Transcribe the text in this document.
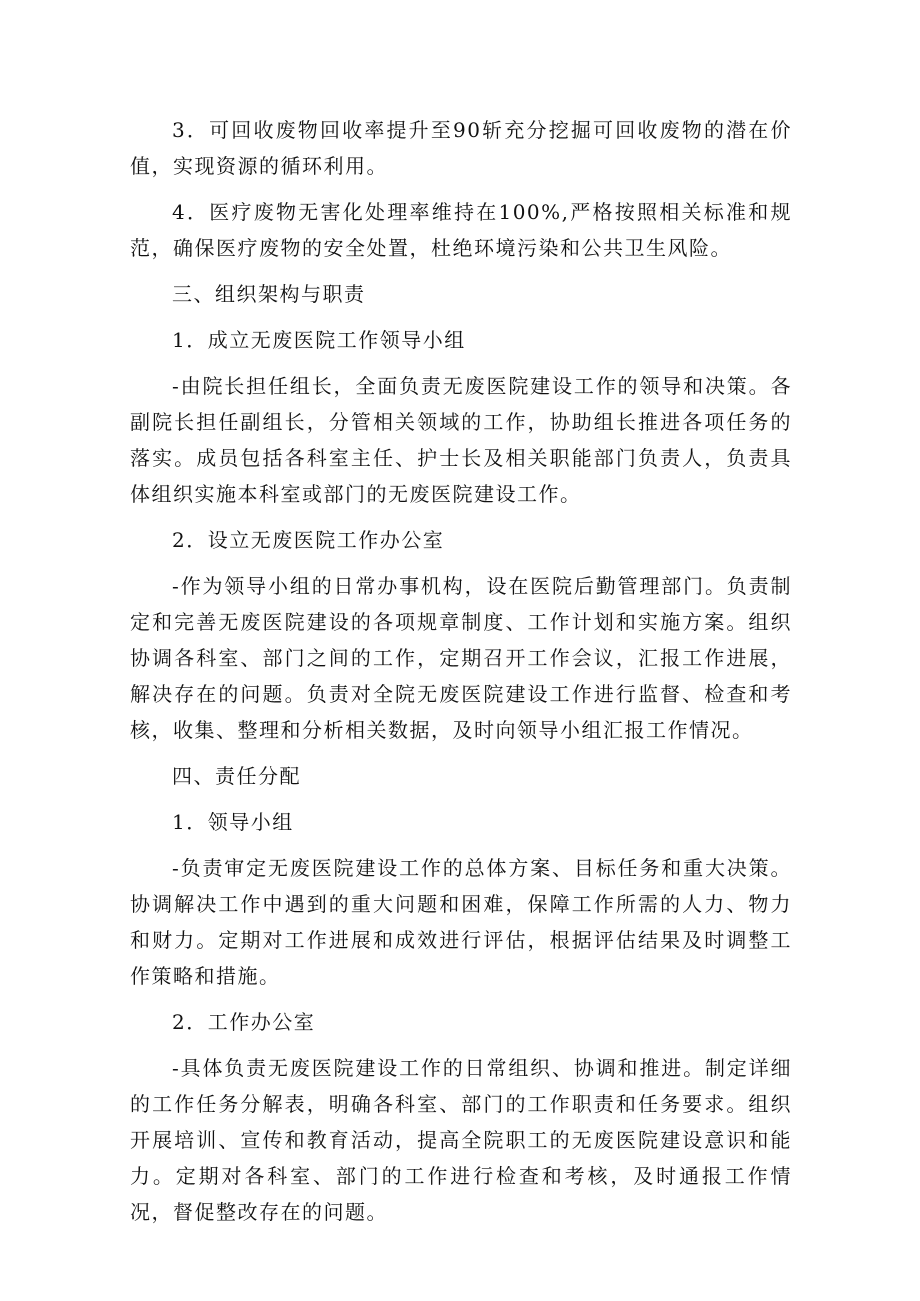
3．可回收废物回收率提升至90斩充分挖掘可回收废物的潜在价值，实现资源的循环利用。

4．医疗废物无害化处理率维持在100%,严格按照相关标准和规范，确保医疗废物的安全处置，杜绝环境污染和公共卫生风险。

三、组织架构与职责

1．成立无废医院工作领导小组

-由院长担任组长，全面负责无废医院建设工作的领导和决策。各副院长担任副组长，分管相关领域的工作，协助组长推进各项任务的落实。成员包括各科室主任、护士长及相关职能部门负责人，负责具体组织实施本科室或部门的无废医院建设工作。

2．设立无废医院工作办公室

-作为领导小组的日常办事机构，设在医院后勤管理部门。负责制定和完善无废医院建设的各项规章制度、工作计划和实施方案。组织协调各科室、部门之间的工作，定期召开工作会议，汇报工作进展，解决存在的问题。负责对全院无废医院建设工作进行监督、检查和考核，收集、整理和分析相关数据，及时向领导小组汇报工作情况。

四、责任分配

1．领导小组

-负责审定无废医院建设工作的总体方案、目标任务和重大决策。协调解决工作中遇到的重大问题和困难，保障工作所需的人力、物力和财力。定期对工作进展和成效进行评估，根据评估结果及时调整工作策略和措施。

2．工作办公室

-具体负责无废医院建设工作的日常组织、协调和推进。制定详细的工作任务分解表，明确各科室、部门的工作职责和任务要求。组织开展培训、宣传和教育活动，提高全院职工的无废医院建设意识和能力。定期对各科室、部门的工作进行检查和考核，及时通报工作情况，督促整改存在的问题。
